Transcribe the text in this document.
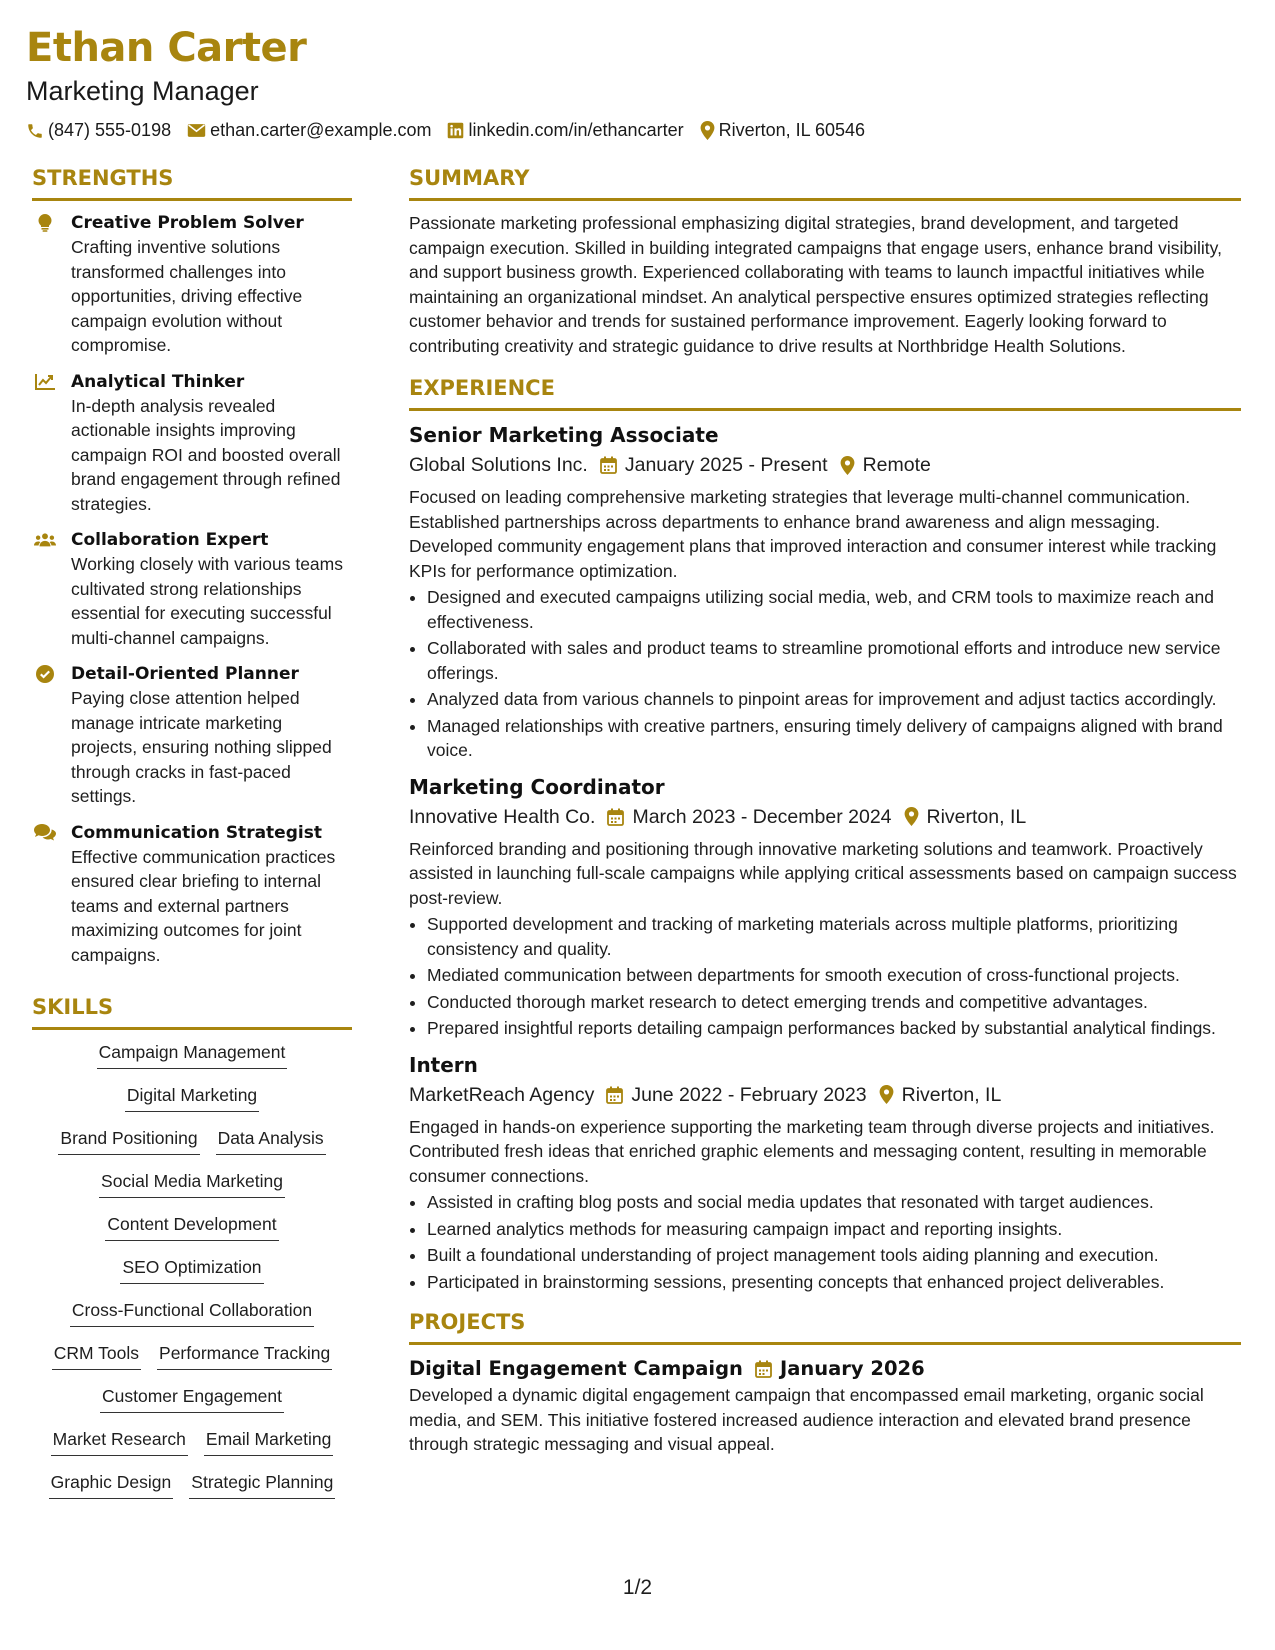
Ethan Carter
Marketing Manager
(847) 555-0198 ethan.carter@example.com linkedin.com/in/ethancarter Riverton, IL 60546
STRENGTHS
Creative Problem Solver
Crafting inventive solutions transformed challenges into opportunities, driving effective campaign evolution without compromise.
Analytical Thinker
In-depth analysis revealed actionable insights improving campaign ROI and boosted overall brand engagement through refined strategies.
Collaboration Expert
Working closely with various teams cultivated strong relationships essential for executing successful multi-channel campaigns.
Detail-Oriented Planner
Paying close attention helped manage intricate marketing projects, ensuring nothing slipped through cracks in fast-paced settings.
Communication Strategist
Effective communication practices ensured clear briefing to internal teams and external partners maximizing outcomes for joint campaigns.
SKILLS
Campaign Management
Digital Marketing
Brand Positioning Data Analysis
Social Media Marketing
Content Development
SEO Optimization
Cross-Functional Collaboration
CRM Tools Performance Tracking
Customer Engagement
Market Research Email Marketing
Graphic Design Strategic Planning
SUMMARY
Passionate marketing professional emphasizing digital strategies, brand development, and targeted campaign execution. Skilled in building integrated campaigns that engage users, enhance brand visibility, and support business growth. Experienced collaborating with teams to launch impactful initiatives while maintaining an organizational mindset. An analytical perspective ensures optimized strategies reflecting customer behavior and trends for sustained performance improvement. Eagerly looking forward to contributing creativity and strategic guidance to drive results at Northbridge Health Solutions.
EXPERIENCE
Senior Marketing Associate
Global Solutions Inc. January 2025 - Present Remote
Focused on leading comprehensive marketing strategies that leverage multi-channel communication. Established partnerships across departments to enhance brand awareness and align messaging. Developed community engagement plans that improved interaction and consumer interest while tracking KPIs for performance optimization.
• Designed and executed campaigns utilizing social media, web, and CRM tools to maximize reach and effectiveness.
• Collaborated with sales and product teams to streamline promotional efforts and introduce new service offerings.
• Analyzed data from various channels to pinpoint areas for improvement and adjust tactics accordingly.
• Managed relationships with creative partners, ensuring timely delivery of campaigns aligned with brand voice.
Marketing Coordinator
Innovative Health Co. March 2023 - December 2024 Riverton, IL
Reinforced branding and positioning through innovative marketing solutions and teamwork. Proactively assisted in launching full-scale campaigns while applying critical assessments based on campaign success post-review.
• Supported development and tracking of marketing materials across multiple platforms, prioritizing consistency and quality.
• Mediated communication between departments for smooth execution of cross-functional projects.
• Conducted thorough market research to detect emerging trends and competitive advantages.
• Prepared insightful reports detailing campaign performances backed by substantial analytical findings.
Intern
MarketReach Agency June 2022 - February 2023 Riverton, IL
Engaged in hands-on experience supporting the marketing team through diverse projects and initiatives. Contributed fresh ideas that enriched graphic elements and messaging content, resulting in memorable consumer connections.
• Assisted in crafting blog posts and social media updates that resonated with target audiences.
• Learned analytics methods for measuring campaign impact and reporting insights.
• Built a foundational understanding of project management tools aiding planning and execution.
• Participated in brainstorming sessions, presenting concepts that enhanced project deliverables.
PROJECTS
Digital Engagement Campaign January 2026
Developed a dynamic digital engagement campaign that encompassed email marketing, organic social media, and SEM. This initiative fostered increased audience interaction and elevated brand presence through strategic messaging and visual appeal.
1/2
